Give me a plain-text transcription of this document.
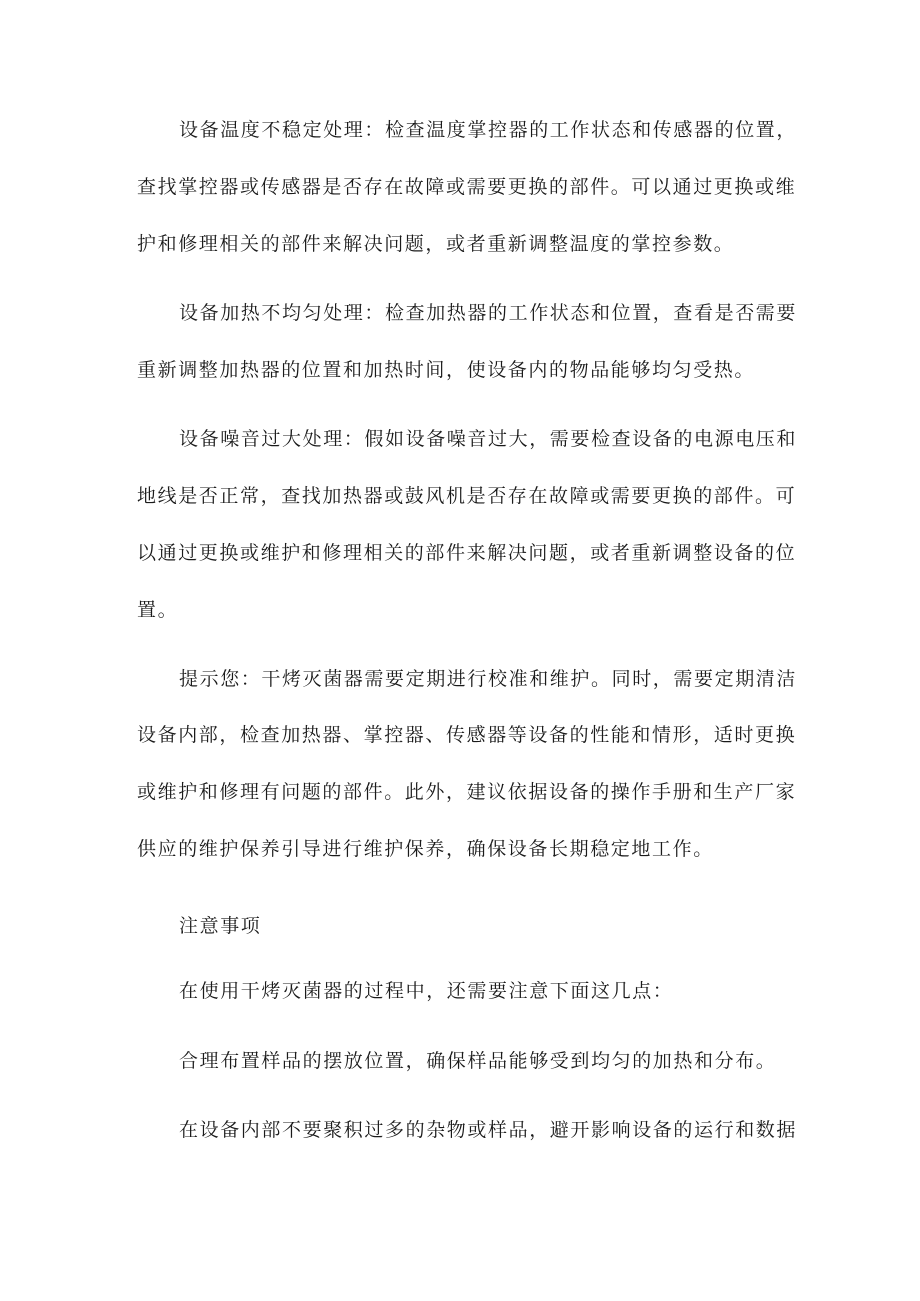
设备温度不稳定处理：检查温度掌控器的工作状态和传感器的位置，
查找掌控器或传感器是否存在故障或需要更换的部件。可以通过更换或维
护和修理相关的部件来解决问题，或者重新调整温度的掌控参数。
设备加热不均匀处理：检查加热器的工作状态和位置，查看是否需要
重新调整加热器的位置和加热时间，使设备内的物品能够均匀受热。
设备噪音过大处理：假如设备噪音过大，需要检查设备的电源电压和
地线是否正常，查找加热器或鼓风机是否存在故障或需要更换的部件。可
以通过更换或维护和修理相关的部件来解决问题，或者重新调整设备的位
置。
提示您：干烤灭菌器需要定期进行校准和维护。同时，需要定期清洁
设备内部，检查加热器、掌控器、传感器等设备的性能和情形，适时更换
或维护和修理有问题的部件。此外，建议依据设备的操作手册和生产厂家
供应的维护保养引导进行维护保养，确保设备长期稳定地工作。
注意事项
在使用干烤灭菌器的过程中，还需要注意下面这几点：
合理布置样品的摆放位置，确保样品能够受到均匀的加热和分布。
在设备内部不要聚积过多的杂物或样品，避开影响设备的运行和数据
